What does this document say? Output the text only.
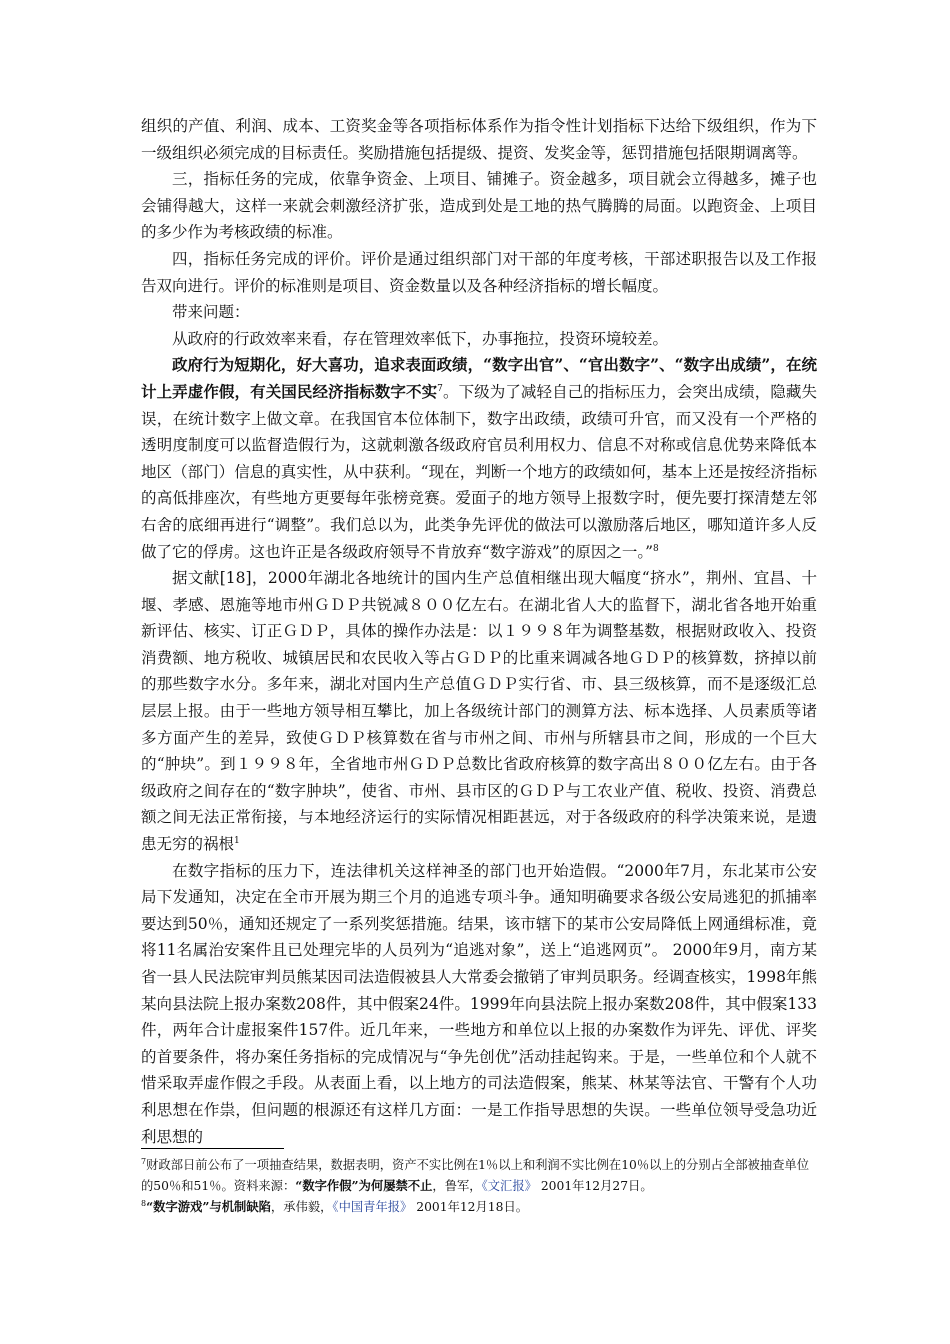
组织的产值、利润、成本、工资奖金等各项指标体系作为指令性计划指标下达给下级组织，作为下一级组织必须完成的目标责任。奖励措施包括提级、提资、发奖金等，惩罚措施包括限期调离等。

三，指标任务的完成，依靠争资金、上项目、铺摊子。资金越多，项目就会立得越多，摊子也会铺得越大，这样一来就会刺激经济扩张，造成到处是工地的热气腾腾的局面。以跑资金、上项目的多少作为考核政绩的标准。

四，指标任务完成的评价。评价是通过组织部门对干部的年度考核，干部述职报告以及工作报告双向进行。评价的标准则是项目、资金数量以及各种经济指标的增长幅度。

带来问题：

从政府的行政效率来看，存在管理效率低下，办事拖拉，投资环境较差。

政府行为短期化，好大喜功，追求表面政绩，“数字出官”、“官出数字”、“数字出成绩”，在统计上弄虚作假，有关国民经济指标数字不实$^7$。下级为了减轻自己的指标压力，会突出成绩，隐藏失误，在统计数字上做文章。在我国官本位体制下，数字出政绩，政绩可升官，而又没有一个严格的透明度制度可以监督造假行为，这就刺激各级政府官员利用权力、信息不对称或信息优势来降低本地区（部门）信息的真实性，从中获利。“现在，判断一个地方的政绩如何，基本上还是按经济指标的高低排座次，有些地方更要每年张榜竞赛。爱面子的地方领导上报数字时，便先要打探清楚左邻右舍的底细再进行“调整”。我们总以为，此类争先评优的做法可以激励落后地区，哪知道许多人反做了它的俘虏。这也许正是各级政府领导不肯放弃“数字游戏”的原因之一。”$^8$

据文献[18]，2000年湖北各地统计的国内生产总值相继出现大幅度“挤水”，荆州、宜昌、十堰、孝感、恩施等地市州ＧＤＰ共锐减８００亿左右。在湖北省人大的监督下，湖北省各地开始重新评估、核实、订正ＧＤＰ，具体的操作办法是：以１９９８年为调整基数，根据财政收入、投资消费额、地方税收、城镇居民和农民收入等占ＧＤＰ的比重来调减各地ＧＤＰ的核算数，挤掉以前的那些数字水分。多年来，湖北对国内生产总值ＧＤＰ实行省、市、县三级核算，而不是逐级汇总层层上报。由于一些地方领导相互攀比，加上各级统计部门的测算方法、标本选择、人员素质等诸多方面产生的差异，致使ＧＤＰ核算数在省与市州之间、市州与所辖县市之间，形成的一个巨大的“肿块”。到１９９８年，全省地市州ＧＤＰ总数比省政府核算的数字高出８００亿左右。由于各级政府之间存在的“数字肿块”，使省、市州、县市区的ＧＤＰ与工农业产值、税收、投资、消费总额之间无法正常衔接，与本地经济运行的实际情况相距甚远，对于各级政府的科学决策来说，是遗患无穷的祸根$^1$

在数字指标的压力下，连法律机关这样神圣的部门也开始造假。“2000年7月，东北某市公安局下发通知，决定在全市开展为期三个月的追逃专项斗争。通知明确要求各级公安局逃犯的抓捕率要达到50％，通知还规定了一系列奖惩措施。结果，该市辖下的某市公安局降低上网通缉标准，竟将11名属治安案件且已处理完毕的人员列为“追逃对象”，送上“追逃网页”。 2000年9月，南方某省一县人民法院审判员熊某因司法造假被县人大常委会撤销了审判员职务。经调查核实，1998年熊某向县法院上报办案数208件，其中假案24件。1999年向县法院上报办案数208件，其中假案133件，两年合计虚报案件157件。近几年来，一些地方和单位以上报的办案数作为评先、评优、评奖的首要条件，将办案任务指标的完成情况与“争先创优”活动挂起钩来。于是，一些单位和个人就不惜采取弄虚作假之手段。从表面上看，以上地方的司法造假案，熊某、林某等法官、干警有个人功利思想在作祟，但问题的根源还有这样几方面：一是工作指导思想的失误。一些单位领导受急功近利思想的

$^7$财政部日前公布了一项抽查结果，数据表明，资产不实比例在1％以上和利润不实比例在10％以上的分别占全部被抽查单位的50％和51％。资料来源：“数字作假”为何屡禁不止，鲁军，《文汇报》 2001年12月27日。

$^8$“数字游戏”与机制缺陷，承伟毅，《中国青年报》 2001年12月18日。
